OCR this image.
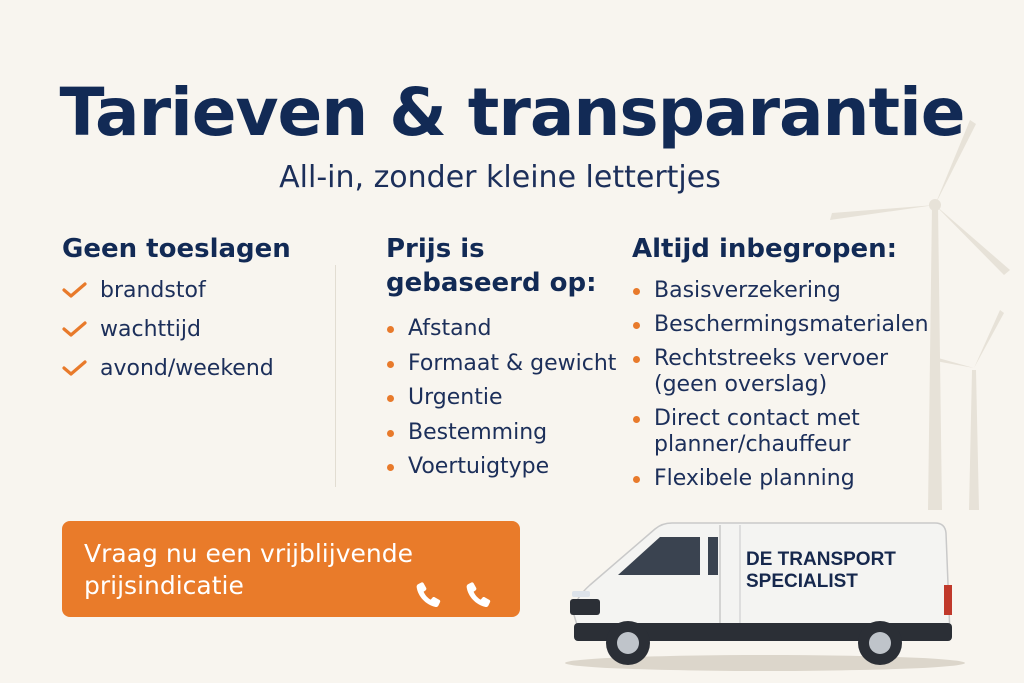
Tarieven & transparantie

All-in, zonder kleine lettertjes

Geen toeslagen
brandstof
wachttijd
avond/weekend
Prijs is gebaseerd op:
Afstand
Formaat & gewicht
Urgentie
Bestemming
Voertuigtype
Altijd inbegropen:
Basisverzekering
Beschermingsmaterialen
Rechtstreeks vervoer (geen overslag)
Direct contact met planner/chauffeur
Flexibele planning
Vraag nu een vrijblijvende prijsindicatie
DE TRANSPORT
SPECIALIST
